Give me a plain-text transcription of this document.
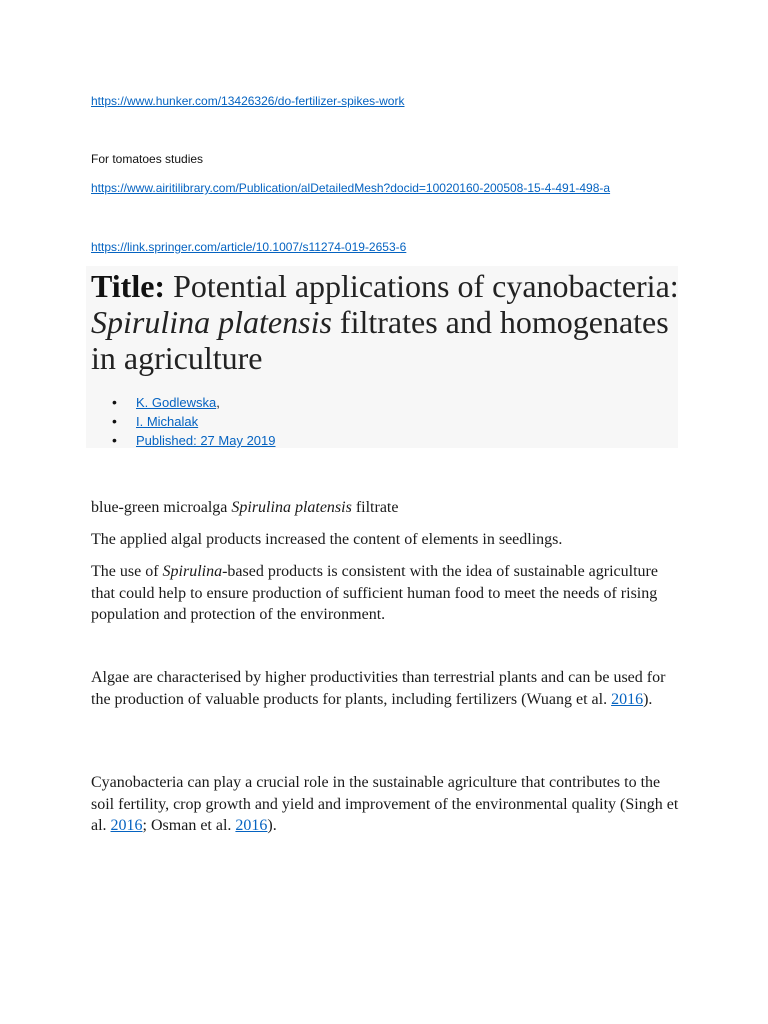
https://www.hunker.com/13426326/do-fertilizer-spikes-work
For tomatoes studies
https://www.airitilibrary.com/Publication/alDetailedMesh?docid=10020160-200508-15-4-491-498-a
https://link.springer.com/article/10.1007/s11274-019-2653-6
Title: Potential applications of cyanobacteria: Spirulina platensis filtrates and homogenates in agriculture
• K. Godlewska,
• I. Michalak
• Published: 27 May 2019

blue-green microalga Spirulina platensis filtrate

The applied algal products increased the content of elements in seedlings.

The use of Spirulina-based products is consistent with the idea of sustainable agriculture that could help to ensure production of sufficient human food to meet the needs of rising population and protection of the environment.

Algae are characterised by higher productivities than terrestrial plants and can be used for the production of valuable products for plants, including fertilizers (Wuang et al. 2016).

Cyanobacteria can play a crucial role in the sustainable agriculture that contributes to the soil fertility, crop growth and yield and improvement of the environmental quality (Singh et al. 2016; Osman et al. 2016).
